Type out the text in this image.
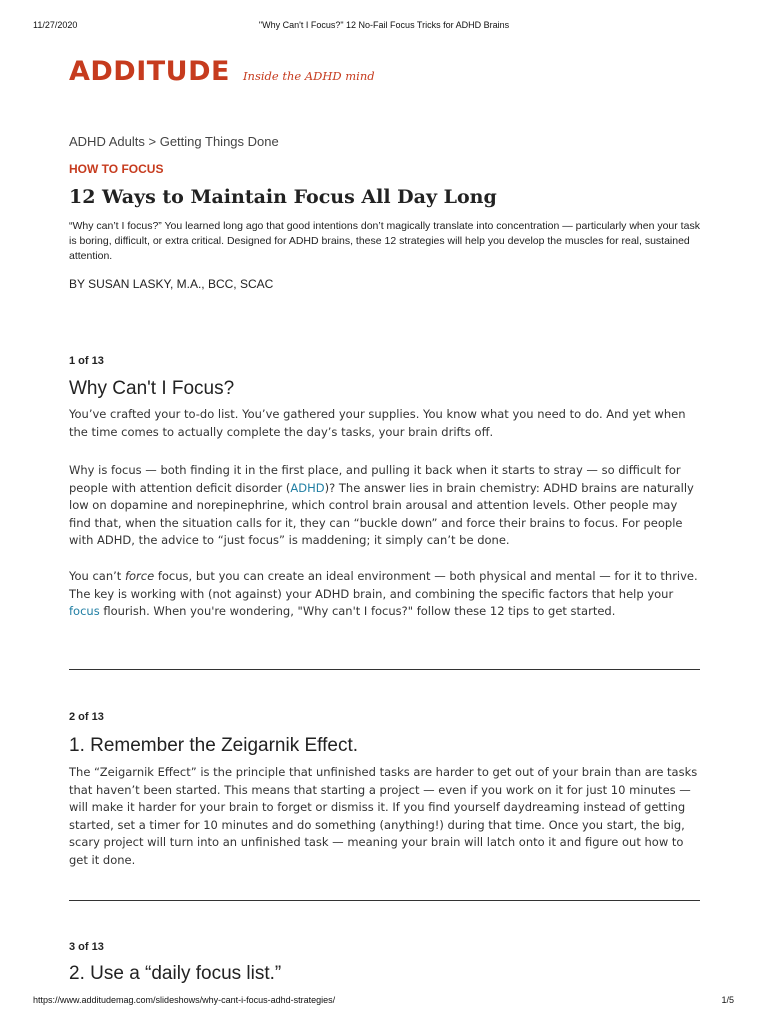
11/27/2020	"Why Can't I Focus?" 12 No-Fail Focus Tricks for ADHD Brains
ADDITUDE Inside the ADHD mind
ADHD Adults > Getting Things Done
HOW TO FOCUS
12 Ways to Maintain Focus All Day Long
“Why can’t I focus?” You learned long ago that good intentions don’t magically translate into concentration — particularly when your task is boring, difficult, or extra critical. Designed for ADHD brains, these 12 strategies will help you develop the muscles for real, sustained attention.
BY SUSAN LASKY, M.A., BCC, SCAC
1 of 13
Why Can't I Focus?
You’ve crafted your to-do list. You’ve gathered your supplies. You know what you need to do. And yet when the time comes to actually complete the day’s tasks, your brain drifts off.
Why is focus — both finding it in the first place, and pulling it back when it starts to stray — so difficult for people with attention deficit disorder (ADHD)? The answer lies in brain chemistry: ADHD brains are naturally low on dopamine and norepinephrine, which control brain arousal and attention levels. Other people may find that, when the situation calls for it, they can “buckle down” and force their brains to focus. For people with ADHD, the advice to “just focus” is maddening; it simply can’t be done.
You can’t force focus, but you can create an ideal environment — both physical and mental — for it to thrive. The key is working with (not against) your ADHD brain, and combining the specific factors that help your focus flourish. When you're wondering, "Why can't I focus?" follow these 12 tips to get started.
2 of 13
1. Remember the Zeigarnik Effect.
The “Zeigarnik Effect” is the principle that unfinished tasks are harder to get out of your brain than are tasks that haven’t been started. This means that starting a project — even if you work on it for just 10 minutes — will make it harder for your brain to forget or dismiss it. If you find yourself daydreaming instead of getting started, set a timer for 10 minutes and do something (anything!) during that time. Once you start, the big, scary project will turn into an unfinished task — meaning your brain will latch onto it and figure out how to get it done.
3 of 13
2. Use a “daily focus list.”
https://www.additudemag.com/slideshows/why-cant-i-focus-adhd-strategies/	1/5
